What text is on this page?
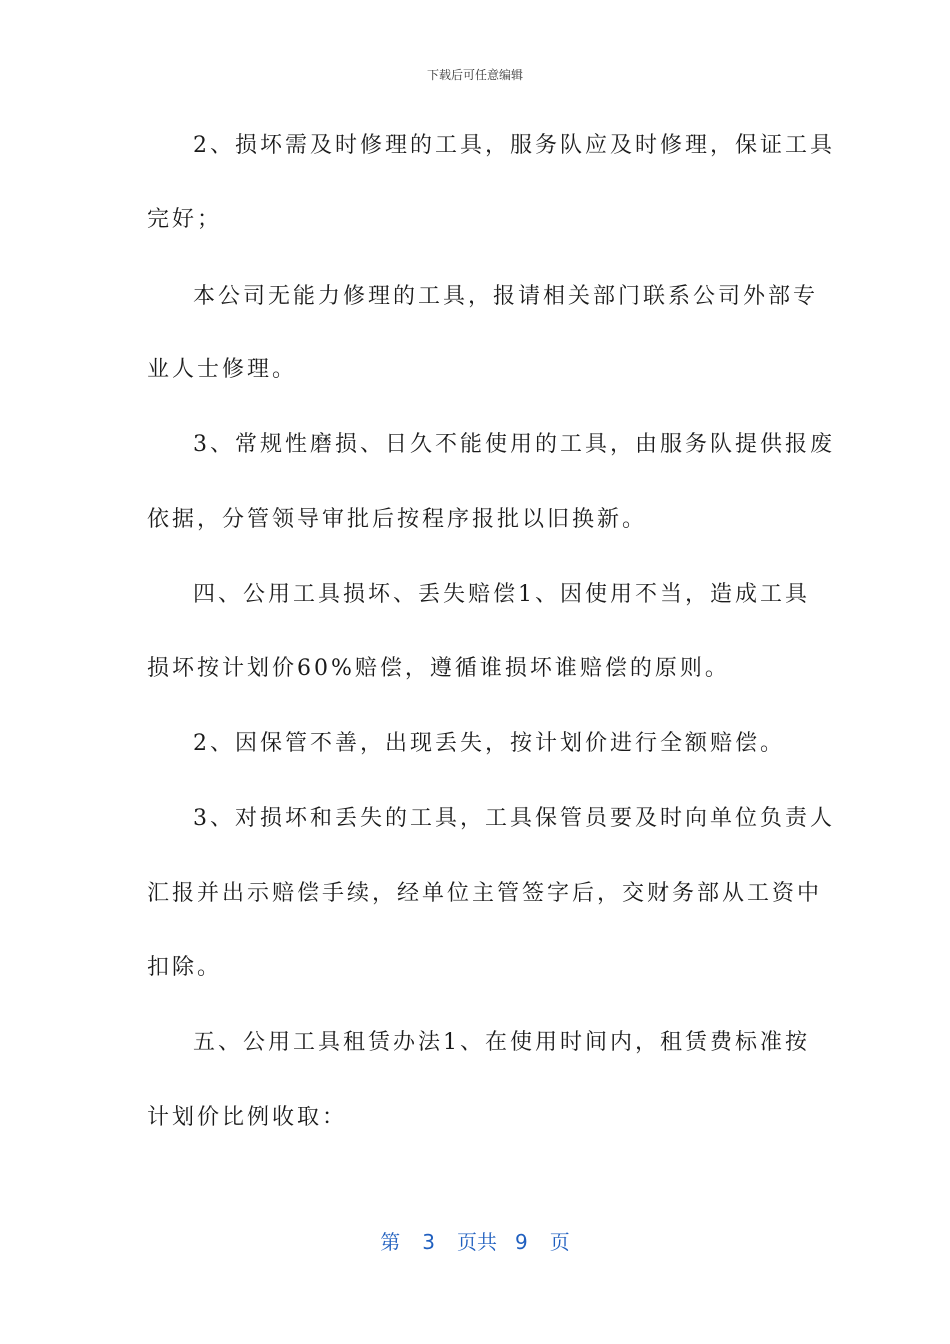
下载后可任意编辑
2、损坏需及时修理的工具，服务队应及时修理，保证工具
完好；
本公司无能力修理的工具，报请相关部门联系公司外部专
业人士修理。
3、常规性磨损、日久不能使用的工具，由服务队提供报废
依据，分管领导审批后按程序报批以旧换新。
四、公用工具损坏、丢失赔偿1、因使用不当，造成工具
损坏按计划价60%赔偿，遵循谁损坏谁赔偿的原则。
2、因保管不善，出现丢失，按计划价进行全额赔偿。
3、对损坏和丢失的工具，工具保管员要及时向单位负责人
汇报并出示赔偿手续，经单位主管签字后，交财务部从工资中
扣除。
五、公用工具租赁办法1、在使用时间内，租赁费标准按
计划价比例收取：
第 3 页共 9 页
